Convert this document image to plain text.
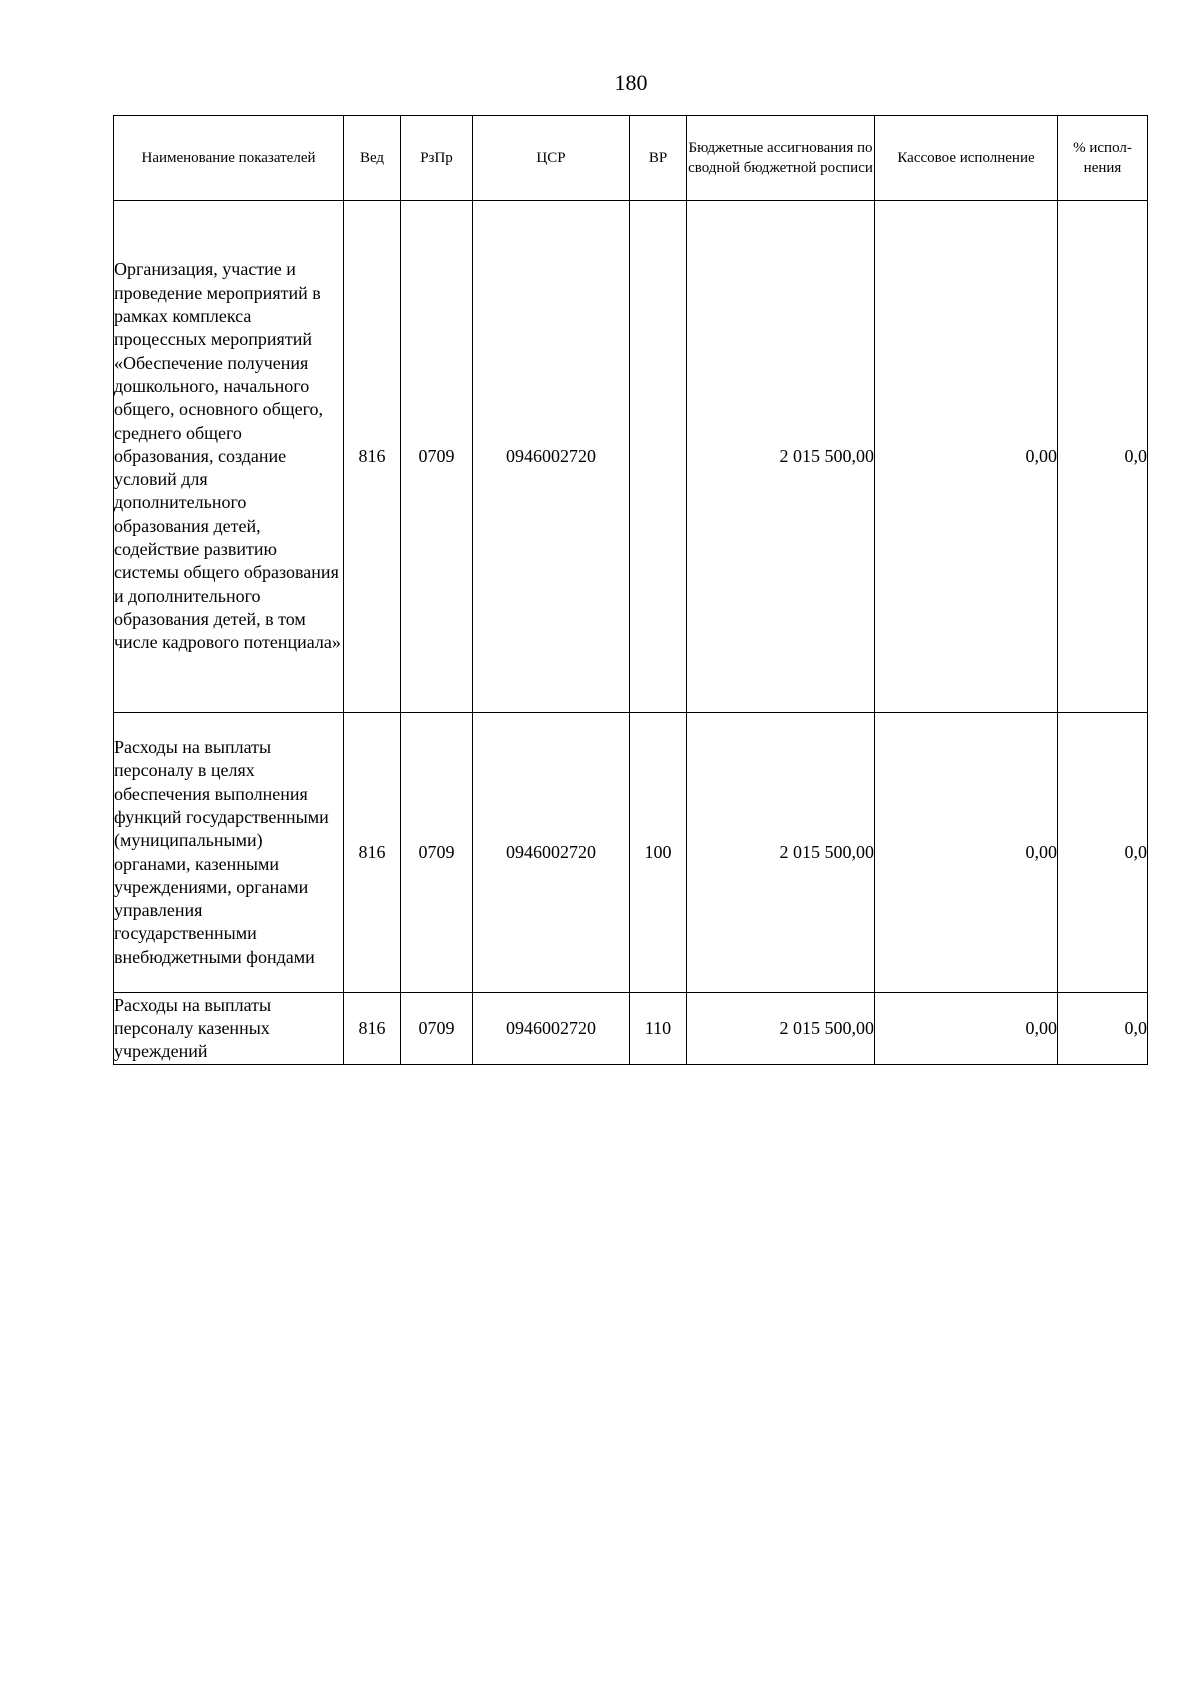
180
Наименование показателей	Вед	РзПр	ЦСР	ВР	Бюджетные ассигнования по сводной бюджетной росписи	Кассовое исполнение	% испол-нения
Организация, участие и проведение мероприятий в рамках комплекса процессных мероприятий «Обеспечение получения дошкольного, начального общего, основного общего, среднего общего образования, создание условий для дополнительного образования детей, содействие развитию системы общего образования и дополнительного образования детей, в том числе кадрового потенциала»	816	0709	0946002720		2 015 500,00	0,00	0,0
Расходы на выплаты персоналу в целях обеспечения выполнения функций государственными (муниципальными) органами, казенными учреждениями, органами управления государственными внебюджетными фондами	816	0709	0946002720	100	2 015 500,00	0,00	0,0
Расходы на выплаты персоналу казенных учреждений	816	0709	0946002720	110	2 015 500,00	0,00	0,0
